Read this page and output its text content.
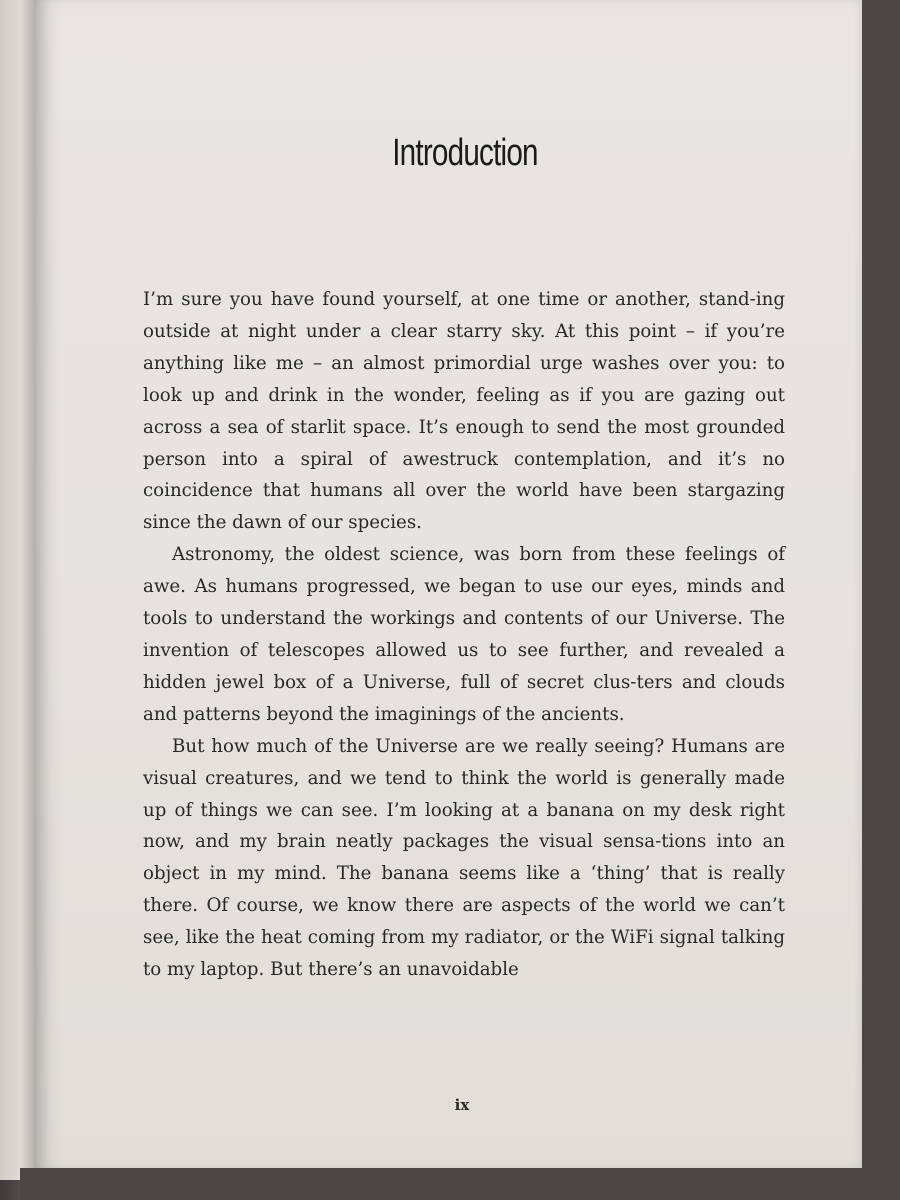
Introduction

I’m sure you have found yourself, at one time or another, stand-ing outside at night under a clear starry sky. At this point – if you’re anything like me – an almost primordial urge washes over you: to look up and drink in the wonder, feeling as if you are gazing out across a sea of starlit space. It’s enough to send the most grounded person into a spiral of awestruck contemplation, and it’s no coincidence that humans all over the world have been stargazing since the dawn of our species.

Astronomy, the oldest science, was born from these feelings of awe. As humans progressed, we began to use our eyes, minds and tools to understand the workings and contents of our Universe. The invention of telescopes allowed us to see further, and revealed a hidden jewel box of a Universe, full of secret clus-ters and clouds and patterns beyond the imaginings of the ancients.

But how much of the Universe are we really seeing? Humans are visual creatures, and we tend to think the world is generally made up of things we can see. I’m looking at a banana on my desk right now, and my brain neatly packages the visual sensa-tions into an object in my mind. The banana seems like a ‘thing’ that is really there. Of course, we know there are aspects of the world we can’t see, like the heat coming from my radiator, or the WiFi signal talking to my laptop. But there’s an unavoidable

ix
